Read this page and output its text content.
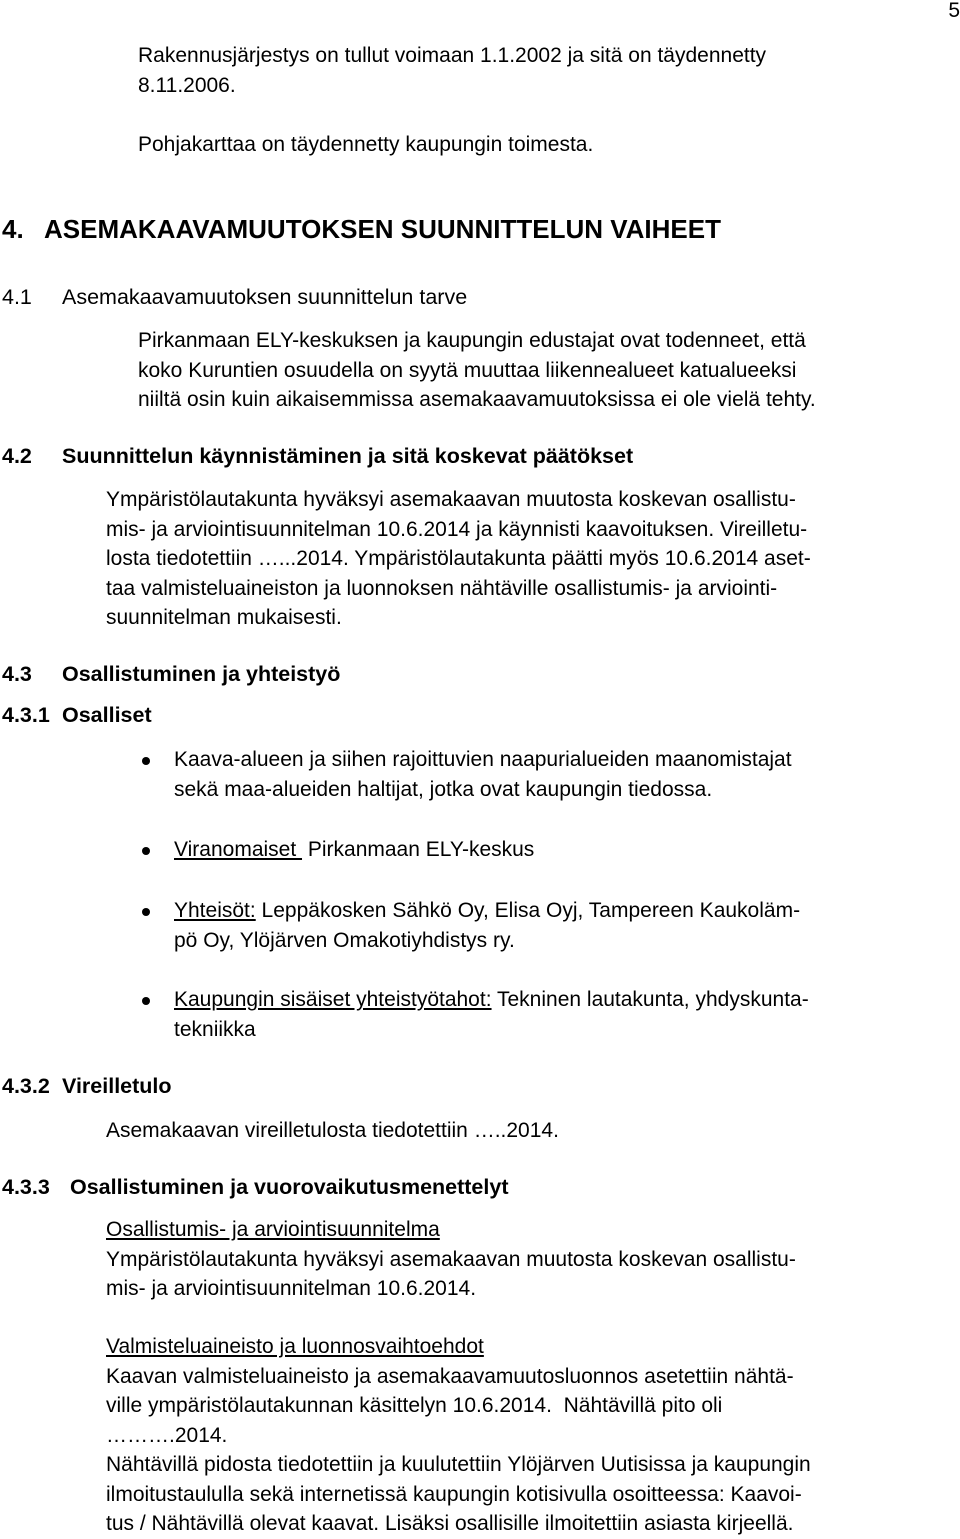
5
Rakennusjärjestys on tullut voimaan 1.1.2002 ja sitä on täydennetty
8.11.2006.
Pohjakarttaa on täydennetty kaupungin toimesta.
4. ASEMAKAAVAMUUTOKSEN SUUNNITTELUN VAIHEET
4.1 Asemakaavamuutoksen suunnittelun tarve
Pirkanmaan ELY-keskuksen ja kaupungin edustajat ovat todenneet, että
koko Kuruntien osuudella on syytä muuttaa liikennealueet katualueeksi
niiltä osin kuin aikaisemmissa asemakaavamuutoksissa ei ole vielä tehty.
4.2 Suunnittelun käynnistäminen ja sitä koskevat päätökset
Ympäristölautakunta hyväksyi asemakaavan muutosta koskevan osallistu-
mis- ja arviointisuunnitelman 10.6.2014 ja käynnisti kaavoituksen. Vireilletu-
losta tiedotettiin …...2014. Ympäristölautakunta päätti myös 10.6.2014 aset-
taa valmisteluaineiston ja luonnoksen nähtäville osallistumis- ja arviointi-
suunnitelman mukaisesti.
4.3 Osallistuminen ja yhteistyö
4.3.1 Osalliset
Kaava-alueen ja siihen rajoittuvien naapurialueiden maanomistajat
sekä maa-alueiden haltijat, jotka ovat kaupungin tiedossa.
Viranomaiset  Pirkanmaan ELY-keskus
Yhteisöt: Leppäkosken Sähkö Oy, Elisa Oyj, Tampereen Kaukoläm-
pö Oy, Ylöjärven Omakotiyhdistys ry.
Kaupungin sisäiset yhteistyötahot: Tekninen lautakunta, yhdyskunta-
tekniikka
4.3.2 Vireilletulo
Asemakaavan vireilletulosta tiedotettiin …..2014.
4.3.3 Osallistuminen ja vuorovaikutusmenettelyt
Osallistumis- ja arviointisuunnitelma
Ympäristölautakunta hyväksyi asemakaavan muutosta koskevan osallistu-
mis- ja arviointisuunnitelman 10.6.2014.
Valmisteluaineisto ja luonnosvaihtoehdot
Kaavan valmisteluaineisto ja asemakaavamuutosluonnos asetettiin nähtä-
ville ympäristölautakunnan käsittelyn 10.6.2014.  Nähtävillä pito oli
……….2014.
Nähtävillä pidosta tiedotettiin ja kuulutettiin Ylöjärven Uutisissa ja kaupungin
ilmoitustaululla sekä internetissä kaupungin kotisivulla osoitteessa: Kaavoi-
tus / Nähtävillä olevat kaavat. Lisäksi osallisille ilmoitettiin asiasta kirjeellä.
